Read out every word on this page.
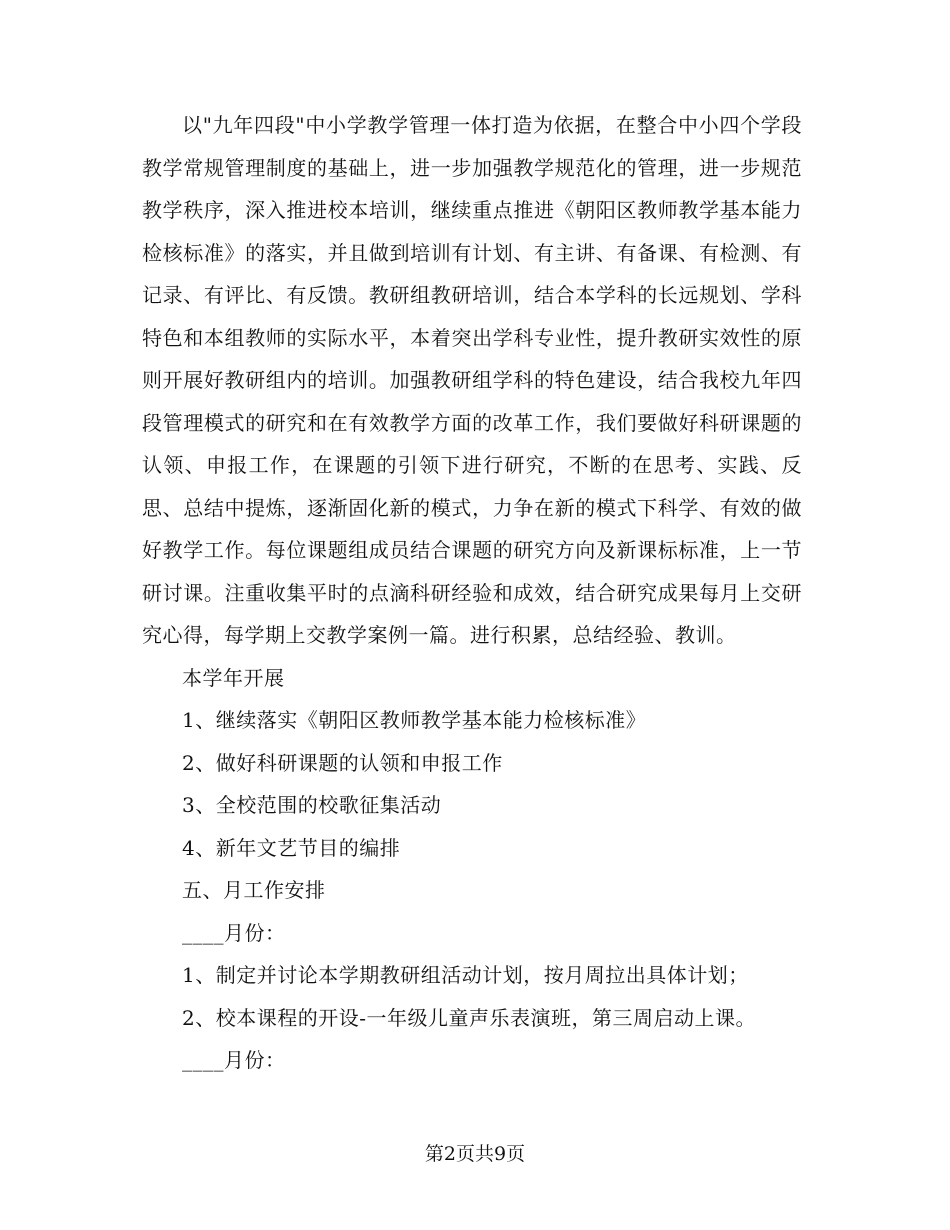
以"九年四段"中小学教学管理一体打造为依据，在整合中小四个学段教学常规管理制度的基础上，进一步加强教学规范化的管理，进一步规范教学秩序，深入推进校本培训，继续重点推进《朝阳区教师教学基本能力检核标准》的落实，并且做到培训有计划、有主讲、有备课、有检测、有记录、有评比、有反馈。教研组教研培训，结合本学科的长远规划、学科特色和本组教师的实际水平，本着突出学科专业性，提升教研实效性的原则开展好教研组内的培训。加强教研组学科的特色建设，结合我校九年四段管理模式的研究和在有效教学方面的改革工作，我们要做好科研课题的认领、申报工作，在课题的引领下进行研究，不断的在思考、实践、反思、总结中提炼，逐渐固化新的模式，力争在新的模式下科学、有效的做好教学工作。每位课题组成员结合课题的研究方向及新课标标准，上一节研讨课。注重收集平时的点滴科研经验和成效，结合研究成果每月上交研究心得，每学期上交教学案例一篇。进行积累，总结经验、教训。

本学年开展

1、继续落实《朝阳区教师教学基本能力检核标准》

2、做好科研课题的认领和申报工作

3、全校范围的校歌征集活动

4、新年文艺节目的编排

五、月工作安排

____月份：

1、制定并讨论本学期教研组活动计划，按月周拉出具体计划；

2、校本课程的开设-一年级儿童声乐表演班，第三周启动上课。

____月份：

第2页共9页
